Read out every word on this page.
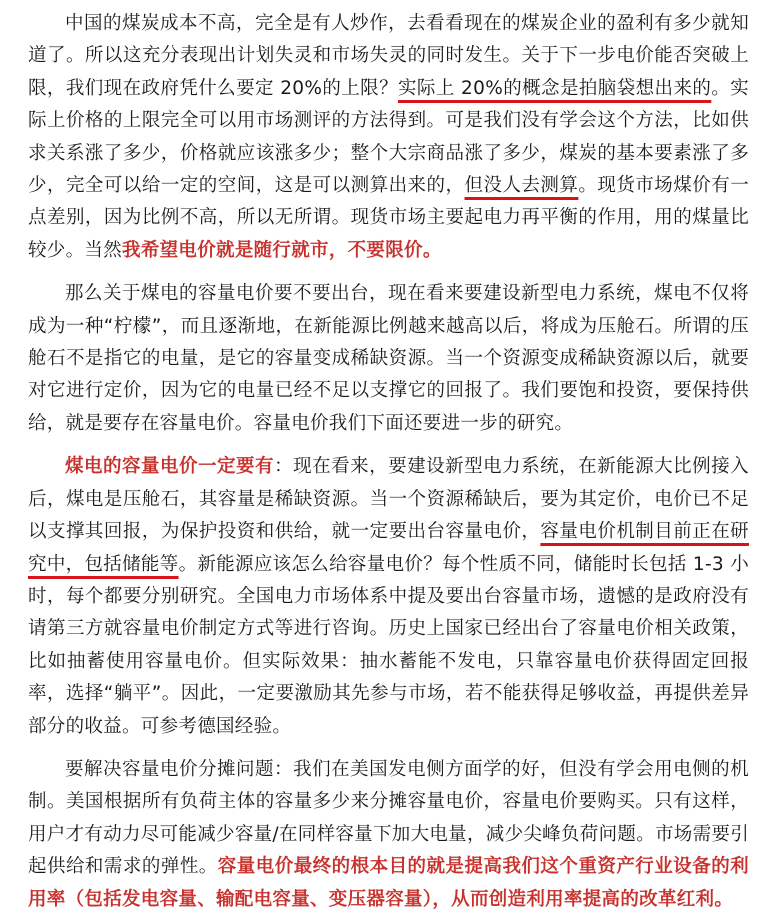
中国的煤炭成本不高，完全是有人炒作，去看看现在的煤炭企业的盈利有多少就知道了。所以这充分表现出计划失灵和市场失灵的同时发生。关于下一步电价能否突破上限，我们现在政府凭什么要定 20%的上限？实际上 20%的概念是拍脑袋想出来的。实际上价格的上限完全可以用市场测评的方法得到。可是我们没有学会这个方法，比如供求关系涨了多少，价格就应该涨多少；整个大宗商品涨了多少，煤炭的基本要素涨了多少，完全可以给一定的空间，这是可以测算出来的，但没人去测算。现货市场煤价有一点差别，因为比例不高，所以无所谓。现货市场主要起电力再平衡的作用，用的煤量比较少。当然我希望电价就是随行就市，不要限价。

那么关于煤电的容量电价要不要出台，现在看来要建设新型电力系统，煤电不仅将成为一种“柠檬”，而且逐渐地，在新能源比例越来越高以后，将成为压舱石。所谓的压舱石不是指它的电量，是它的容量变成稀缺资源。当一个资源变成稀缺资源以后，就要对它进行定价，因为它的电量已经不足以支撑它的回报了。我们要饱和投资，要保持供给，就是要存在容量电价。容量电价我们下面还要进一步的研究。

煤电的容量电价一定要有：现在看来，要建设新型电力系统，在新能源大比例接入后，煤电是压舱石，其容量是稀缺资源。当一个资源稀缺后，要为其定价，电价已不足以支撑其回报，为保护投资和供给，就一定要出台容量电价，容量电价机制目前正在研究中，包括储能等。新能源应该怎么给容量电价？每个性质不同，储能时长包括 1-3 小时，每个都要分别研究。全国电力市场体系中提及要出台容量市场，遗憾的是政府没有请第三方就容量电价制定方式等进行咨询。历史上国家已经出台了容量电价相关政策，比如抽蓄使用容量电价。但实际效果：抽水蓄能不发电，只靠容量电价获得固定回报率，选择“躺平”。因此，一定要激励其先参与市场，若不能获得足够收益，再提供差异部分的收益。可参考德国经验。

要解决容量电价分摊问题：我们在美国发电侧方面学的好，但没有学会用电侧的机制。美国根据所有负荷主体的容量多少来分摊容量电价，容量电价要购买。只有这样，用户才有动力尽可能减少容量/在同样容量下加大电量，减少尖峰负荷问题。市场需要引起供给和需求的弹性。容量电价最终的根本目的就是提高我们这个重资产行业设备的利用率（包括发电容量、输配电容量、变压器容量），从而创造利用率提高的改革红利。
